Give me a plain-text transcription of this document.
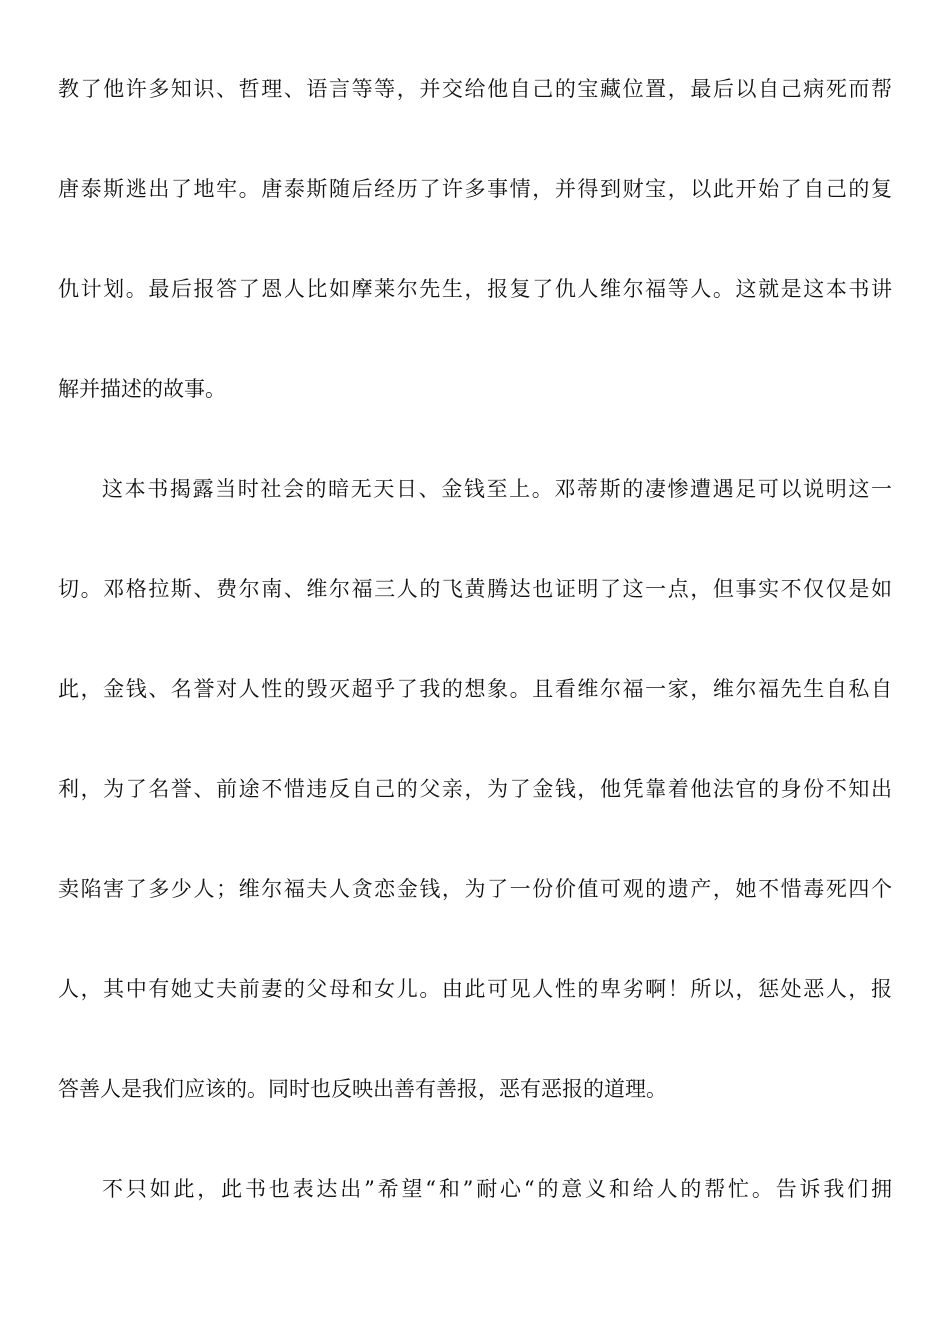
教了他许多知识、哲理、语言等等，并交给他自己的宝藏位置，最后以自己病死而帮
唐泰斯逃出了地牢。唐泰斯随后经历了许多事情，并得到财宝，以此开始了自己的复
仇计划。最后报答了恩人比如摩莱尔先生，报复了仇人维尔福等人。这就是这本书讲
解并描述的故事。
这本书揭露当时社会的暗无天日、金钱至上。邓蒂斯的凄惨遭遇足可以说明这一
切。邓格拉斯、费尔南、维尔福三人的飞黄腾达也证明了这一点，但事实不仅仅是如
此，金钱、名誉对人性的毁灭超乎了我的想象。且看维尔福一家，维尔福先生自私自
利，为了名誉、前途不惜违反自己的父亲，为了金钱，他凭靠着他法官的身份不知出
卖陷害了多少人；维尔福夫人贪恋金钱，为了一份价值可观的遗产，她不惜毒死四个
人，其中有她丈夫前妻的父母和女儿。由此可见人性的卑劣啊！所以，惩处恶人，报
答善人是我们应该的。同时也反映出善有善报，恶有恶报的道理。
不只如此，此书也表达出”希望“和”耐心“的意义和给人的帮忙。告诉我们拥
